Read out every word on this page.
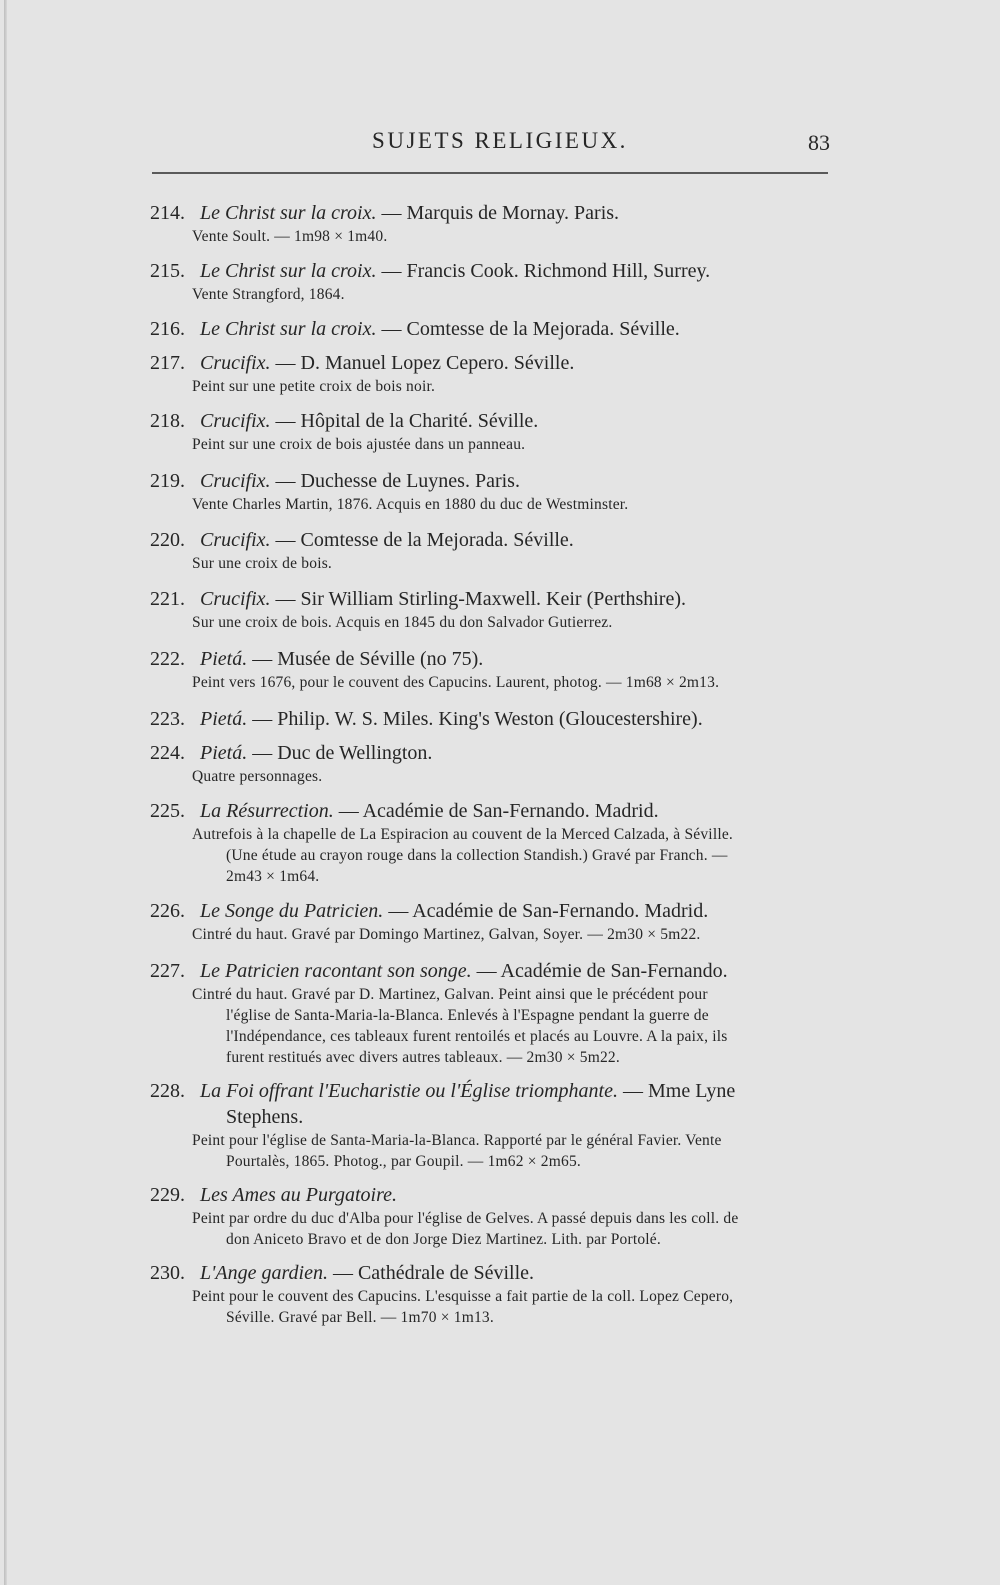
SUJETS RELIGIEUX.	83
214. Le Christ sur la croix. — Marquis de Mornay. Paris.
Vente Soult. — 1m98 × 1m40.
215. Le Christ sur la croix. — Francis Cook. Richmond Hill, Surrey.
Vente Strangford, 1864.
216. Le Christ sur la croix. — Comtesse de la Mejorada. Séville.
217. Crucifix. — D. Manuel Lopez Cepero. Séville.
Peint sur une petite croix de bois noir.
218. Crucifix. — Hôpital de la Charité. Séville.
Peint sur une croix de bois ajustée dans un panneau.
219. Crucifix. — Duchesse de Luynes. Paris.
Vente Charles Martin, 1876. Acquis en 1880 du duc de Westminster.
220. Crucifix. — Comtesse de la Mejorada. Séville.
Sur une croix de bois.
221. Crucifix. — Sir William Stirling-Maxwell. Keir (Perthshire).
Sur une croix de bois. Acquis en 1845 du don Salvador Gutierrez.
222. Pietá. — Musée de Séville (no 75).
Peint vers 1676, pour le couvent des Capucins. Laurent, photog. — 1m68 × 2m13.
223. Pietá. — Philip. W. S. Miles. King's Weston (Gloucestershire).
224. Pietá. — Duc de Wellington.
Quatre personnages.
225. La Résurrection. — Académie de San-Fernando. Madrid.
Autrefois à la chapelle de La Espiracion au couvent de la Merced Calzada, à Séville.
(Une étude au crayon rouge dans la collection Standish.) Gravé par Franch. —
2m43 × 1m64.
226. Le Songe du Patricien. — Académie de San-Fernando. Madrid.
Cintré du haut. Gravé par Domingo Martinez, Galvan, Soyer. — 2m30 × 5m22.
227. Le Patricien racontant son songe. — Académie de San-Fernando.
Cintré du haut. Gravé par D. Martinez, Galvan. Peint ainsi que le précédent pour
l'église de Santa-Maria-la-Blanca. Enlevés à l'Espagne pendant la guerre de
l'Indépendance, ces tableaux furent rentoilés et placés au Louvre. A la paix, ils
furent restitués avec divers autres tableaux. — 2m30 × 5m22.
228. La Foi offrant l'Eucharistie ou l'Église triomphante. — Mme Lyne
Stephens.
Peint pour l'église de Santa-Maria-la-Blanca. Rapporté par le général Favier. Vente
Pourtalès, 1865. Photog., par Goupil. — 1m62 × 2m65.
229. Les Ames au Purgatoire.
Peint par ordre du duc d'Alba pour l'église de Gelves. A passé depuis dans les coll. de
don Aniceto Bravo et de don Jorge Diez Martinez. Lith. par Portolé.
230. L'Ange gardien. — Cathédrale de Séville.
Peint pour le couvent des Capucins. L'esquisse a fait partie de la coll. Lopez Cepero,
Séville. Gravé par Bell. — 1m70 × 1m13.
